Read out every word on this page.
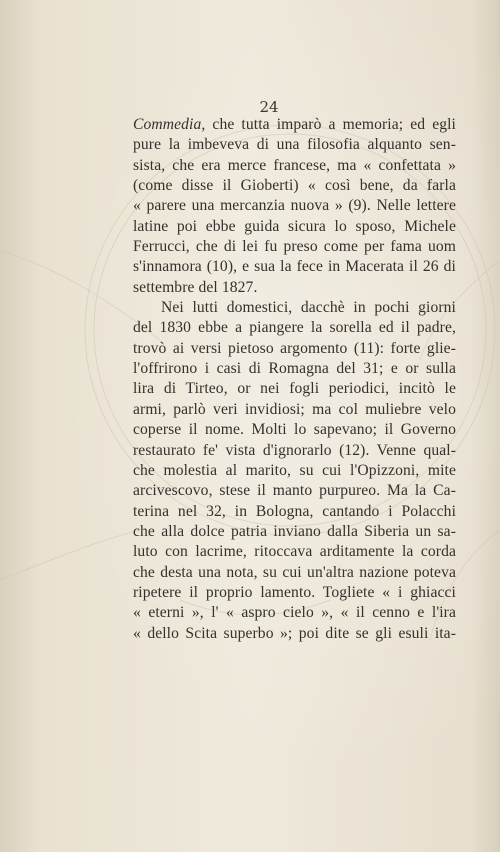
24

Commedia, che tutta imparò a memoria; ed egli
pure la imbeveva di una filosofia alquanto sen-
sista, che era merce francese, ma « confettata »
(come disse il Gioberti) « così bene, da farla
« parere una mercanzia nuova » (9). Nelle lettere
latine poi ebbe guida sicura lo sposo, Michele
Ferrucci, che di lei fu preso come per fama uom
s'innamora (10), e sua la fece in Macerata il 26 di
settembre del 1827.
Nei lutti domestici, dacchè in pochi giorni
del 1830 ebbe a piangere la sorella ed il padre,
trovò ai versi pietoso argomento (11): forte glie-
l'offrirono i casi di Romagna del 31; e or sulla
lira di Tirteo, or nei fogli periodici, incitò le
armi, parlò veri invidiosi; ma col muliebre velo
coperse il nome. Molti lo sapevano; il Governo
restaurato fe' vista d'ignorarlo (12). Venne qual-
che molestia al marito, su cui l'Opizzoni, mite
arcivescovo, stese il manto purpureo. Ma la Ca-
terina nel 32, in Bologna, cantando i Polacchi
che alla dolce patria inviano dalla Siberia un sa-
luto con lacrime, ritoccava arditamente la corda
che desta una nota, su cui un'altra nazione poteva
ripetere il proprio lamento. Togliete « i ghiacci
« eterni », l' « aspro cielo », « il cenno e l'ira
« dello Scita superbo »; poi dite se gli esuli ita-
